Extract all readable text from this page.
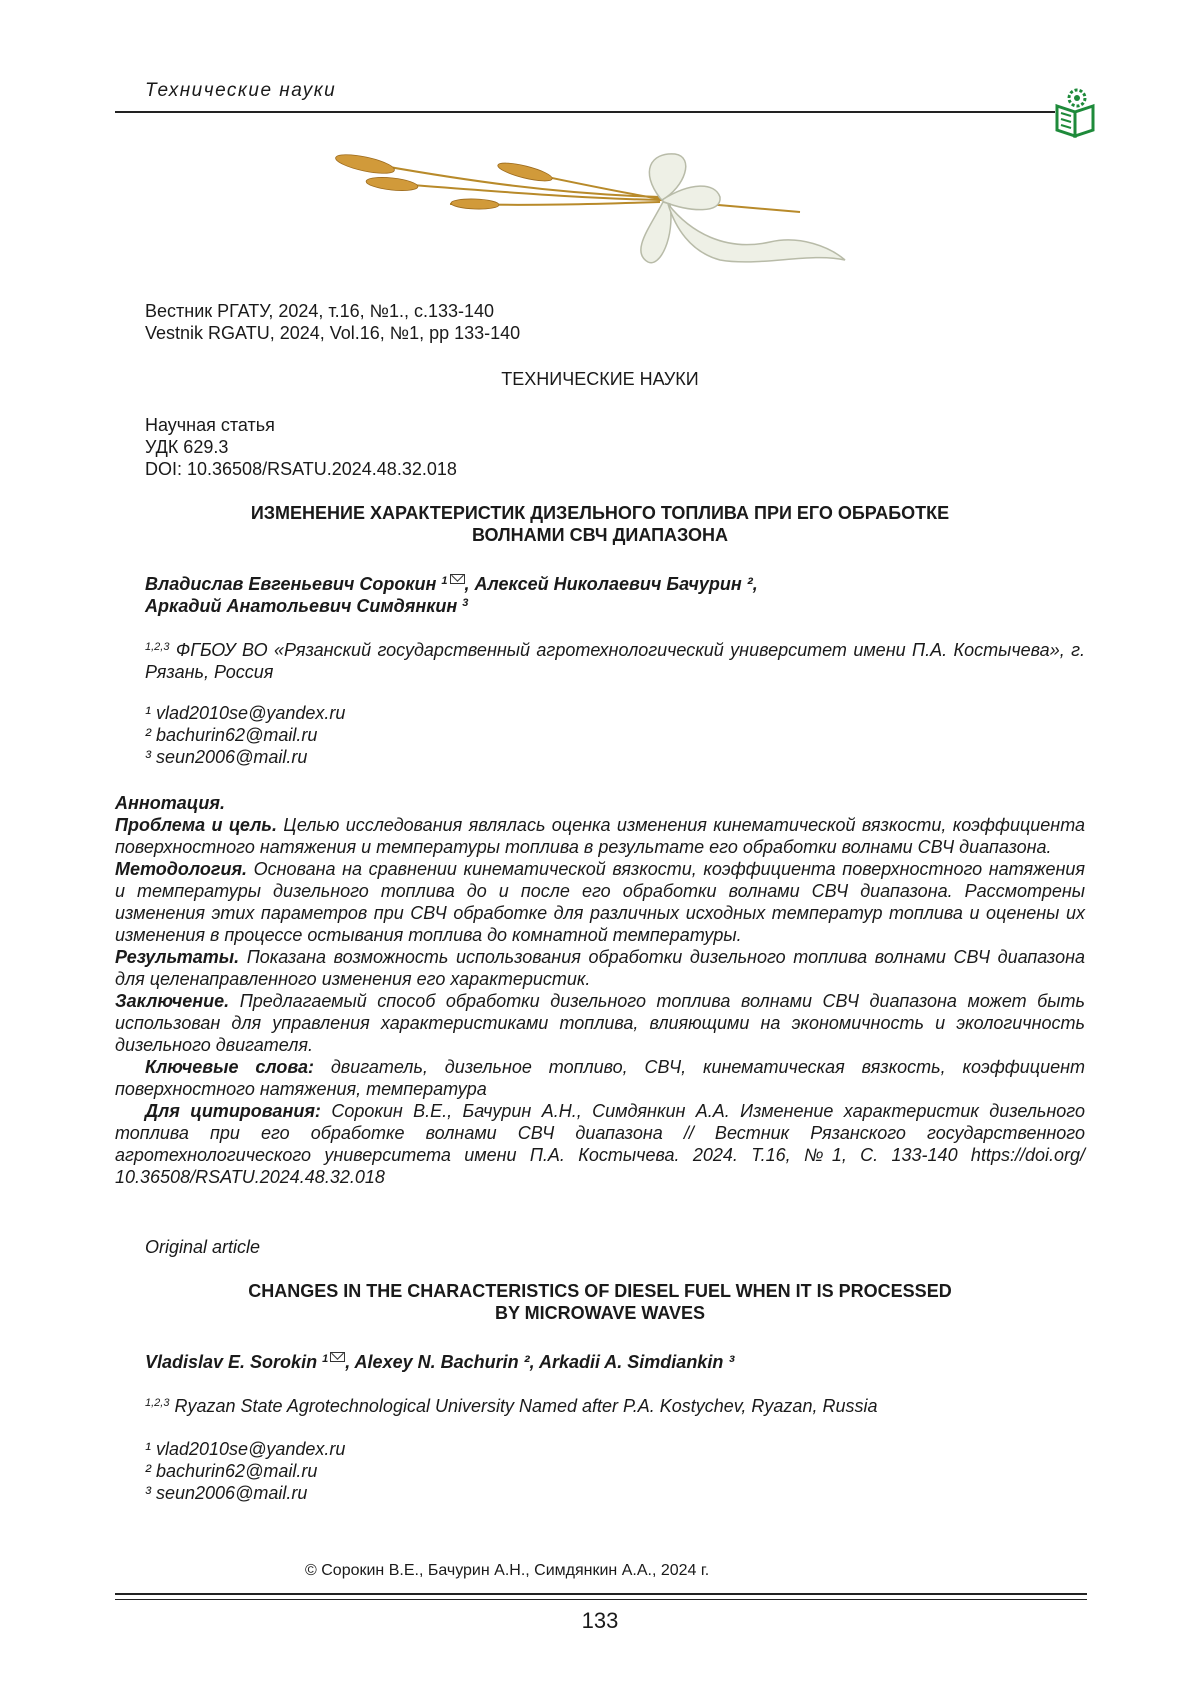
Технические науки
Вестник РГАТУ, 2024, т.16, №1., с.133-140
Vestnik RGATU, 2024, Vol.16, №1, pp 133-140
ТЕХНИЧЕСКИЕ НАУКИ
Научная статья
УДК 629.3
DOI: 10.36508/RSATU.2024.48.32.018
ИЗМЕНЕНИЕ ХАРАКТЕРИСТИК ДИЗЕЛЬНОГО ТОПЛИВА ПРИ ЕГО ОБРАБОТКЕ
ВОЛНАМИ СВЧ ДИАПАЗОНА
Владислав Евгеньевич Сорокин $^1$ , Алексей Николаевич Бачурин ²,
Аркадий Анатольевич Симдянкин $^3$
$^{1,2,3}$ ФГБОУ ВО «Рязанский государственный агротехнологический университет имени П.А. Костычева», г. Рязань, Россия
¹ vlad2010se@yandex.ru
² bachurin62@mail.ru
³ seun2006@mail.ru
Аннотация.
Проблема и цель. Целью исследования являлась оценка изменения кинематической вязкости, коэффициента поверхностного натяжения и температуры топлива в результате его обработки волнами СВЧ диапазона.
Методология. Основана на сравнении кинематической вязкости, коэффициента поверхностного натяжения и температуры дизельного топлива до и после его обработки волнами СВЧ диапазона. Рассмотрены изменения этих параметров при СВЧ обработке для различных исходных температур топлива и оценены их изменения в процессе остывания топлива до комнатной температуры.
Результаты. Показана возможность использования обработки дизельного топлива волнами СВЧ диапазона для целенаправленного изменения его характеристик.
Заключение. Предлагаемый способ обработки дизельного топлива волнами СВЧ диапазона может быть использован для управления характеристиками топлива, влияющими на экономичность и экологичность дизельного двигателя.
Ключевые слова: двигатель, дизельное топливо, СВЧ, кинематическая вязкость, коэффициент поверхностного натяжения, температура
Для цитирования: Сорокин В.Е., Бачурин А.Н., Симдянкин А.А. Изменение характеристик дизельного топлива при его обработке волнами СВЧ диапазона // Вестник Рязанского государственного агротехнологического университета имени П.А. Костычева. 2024. Т.16, №1, С. 133-140 https://doi.org/ 10.36508/RSATU.2024.48.32.018
Original article
CHANGES IN THE CHARACTERISTICS OF DIESEL FUEL WHEN IT IS PROCESSED
BY MICROWAVE WAVES
Vladislav E. Sorokin $^1$ , Alexey N. Bachurin ², Arkadii A. Simdiankin ³
$^{1,2,3}$ Ryazan State Agrotechnological University Named after P.A. Kostychev, Ryazan, Russia
¹ vlad2010se@yandex.ru
² bachurin62@mail.ru
³ seun2006@mail.ru
© Сорокин В.Е., Бачурин А.Н., Симдянкин А.А., 2024 г.
133
